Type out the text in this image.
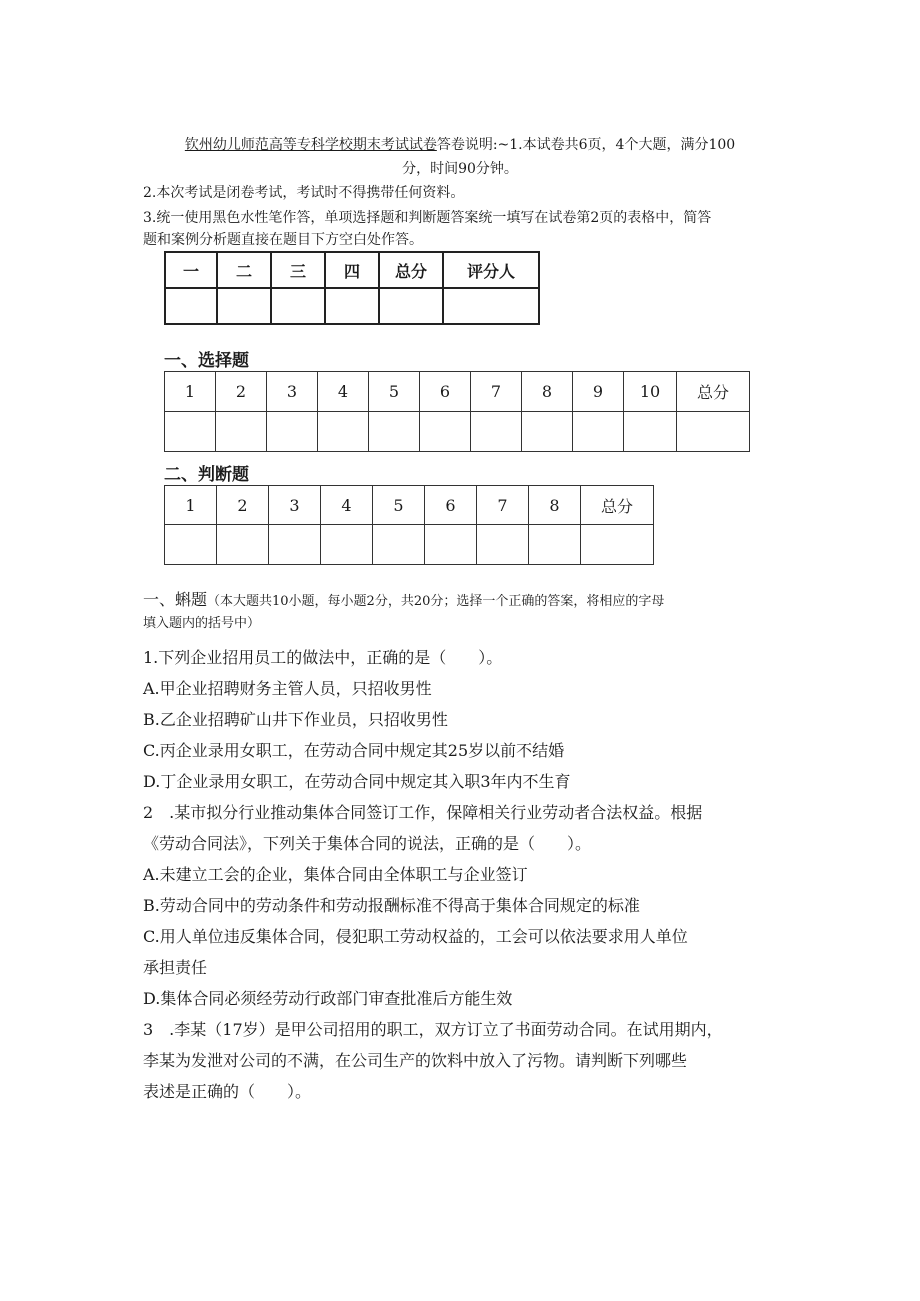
钦州幼儿师范高等专科学校期末考试试卷答卷说明:~1.本试卷共6页，4个大题，满分100
分，时间90分钟。
2.本次考试是闭卷考试，考试时不得携带任何资料。
3.统一使用黑色水性笔作答，单项选择题和判断题答案统一填写在试卷第2页的表格中，简答
题和案例分析题直接在题目下方空白处作答。
一	二	三	四	总分	评分人

一、选择题
1	2	3	4	5	6	7	8	9	10	总分

二、判断题
1	2	3	4	5	6	7	8	总分

一、蝌题（本大题共10小题，每小题2分，共20分；选择一个正确的答案，将相应的字母
填入题内的括号中）
1.下列企业招用员工的做法中，正确的是（　　）。
A.甲企业招聘财务主管人员，只招收男性
B.乙企业招聘矿山井下作业员，只招收男性
C.丙企业录用女职工，在劳动合同中规定其25岁以前不结婚
D.丁企业录用女职工，在劳动合同中规定其入职3年内不生育
2　.某市拟分行业推动集体合同签订工作，保障相关行业劳动者合法权益。根据
《劳动合同法》，下列关于集体合同的说法，正确的是（　　）。
A.未建立工会的企业，集体合同由全体职工与企业签订
B.劳动合同中的劳动条件和劳动报酬标准不得高于集体合同规定的标准
C.用人单位违反集体合同，侵犯职工劳动权益的，工会可以依法要求用人单位
承担责任
D.集体合同必须经劳动行政部门审查批准后方能生效
3　.李某（17岁）是甲公司招用的职工，双方订立了书面劳动合同。在试用期内，
李某为发泄对公司的不满，在公司生产的饮料中放入了污物。请判断下列哪些
表述是正确的（　　）。
